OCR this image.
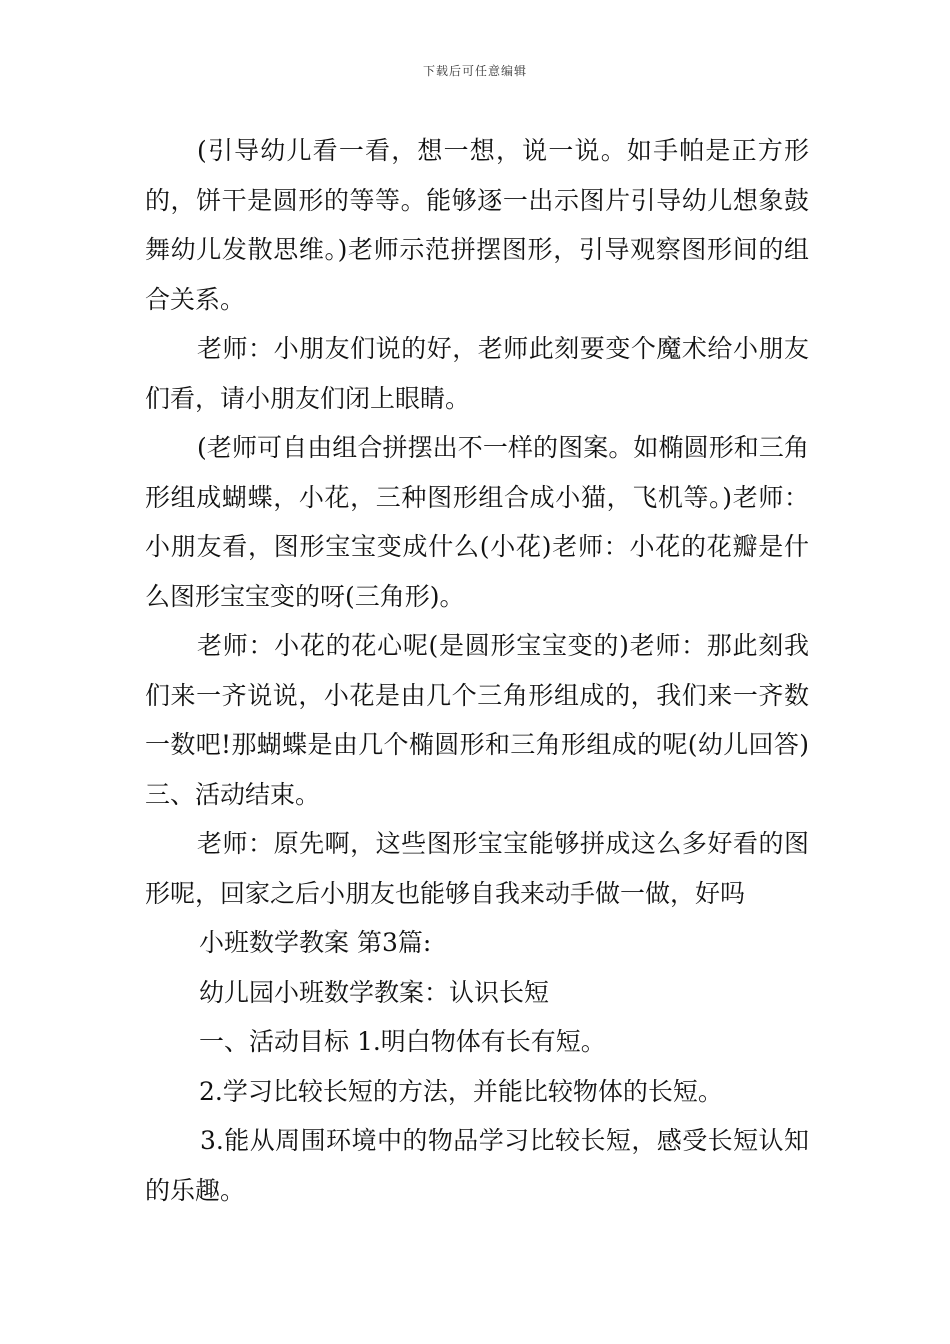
下载后可任意编辑

(引导幼儿看一看，想一想，说一说。如手帕是正方形的，饼干是圆形的等等。能够逐一出示图片引导幼儿想象鼓舞幼儿发散思维。)老师示范拼摆图形，引导观察图形间的组合关系。

老师：小朋友们说的好，老师此刻要变个魔术给小朋友们看，请小朋友们闭上眼睛。

(老师可自由组合拼摆出不一样的图案。如椭圆形和三角形组成蝴蝶，小花，三种图形组合成小猫，飞机等。)老师：小朋友看，图形宝宝变成什么(小花)老师：小花的花瓣是什么图形宝宝变的呀(三角形)。

老师：小花的花心呢(是圆形宝宝变的)老师：那此刻我们来一齐说说，小花是由几个三角形组成的，我们来一齐数一数吧!那蝴蝶是由几个椭圆形和三角形组成的呢(幼儿回答)三、活动结束。

老师：原先啊，这些图形宝宝能够拼成这么多好看的图形呢，回家之后小朋友也能够自我来动手做一做，好吗

小班数学教案 第3篇:

幼儿园小班数学教案：认识长短

一、活动目标 1.明白物体有长有短。

2.学习比较长短的方法，并能比较物体的长短。

3.能从周围环境中的物品学习比较长短，感受长短认知的乐趣。
